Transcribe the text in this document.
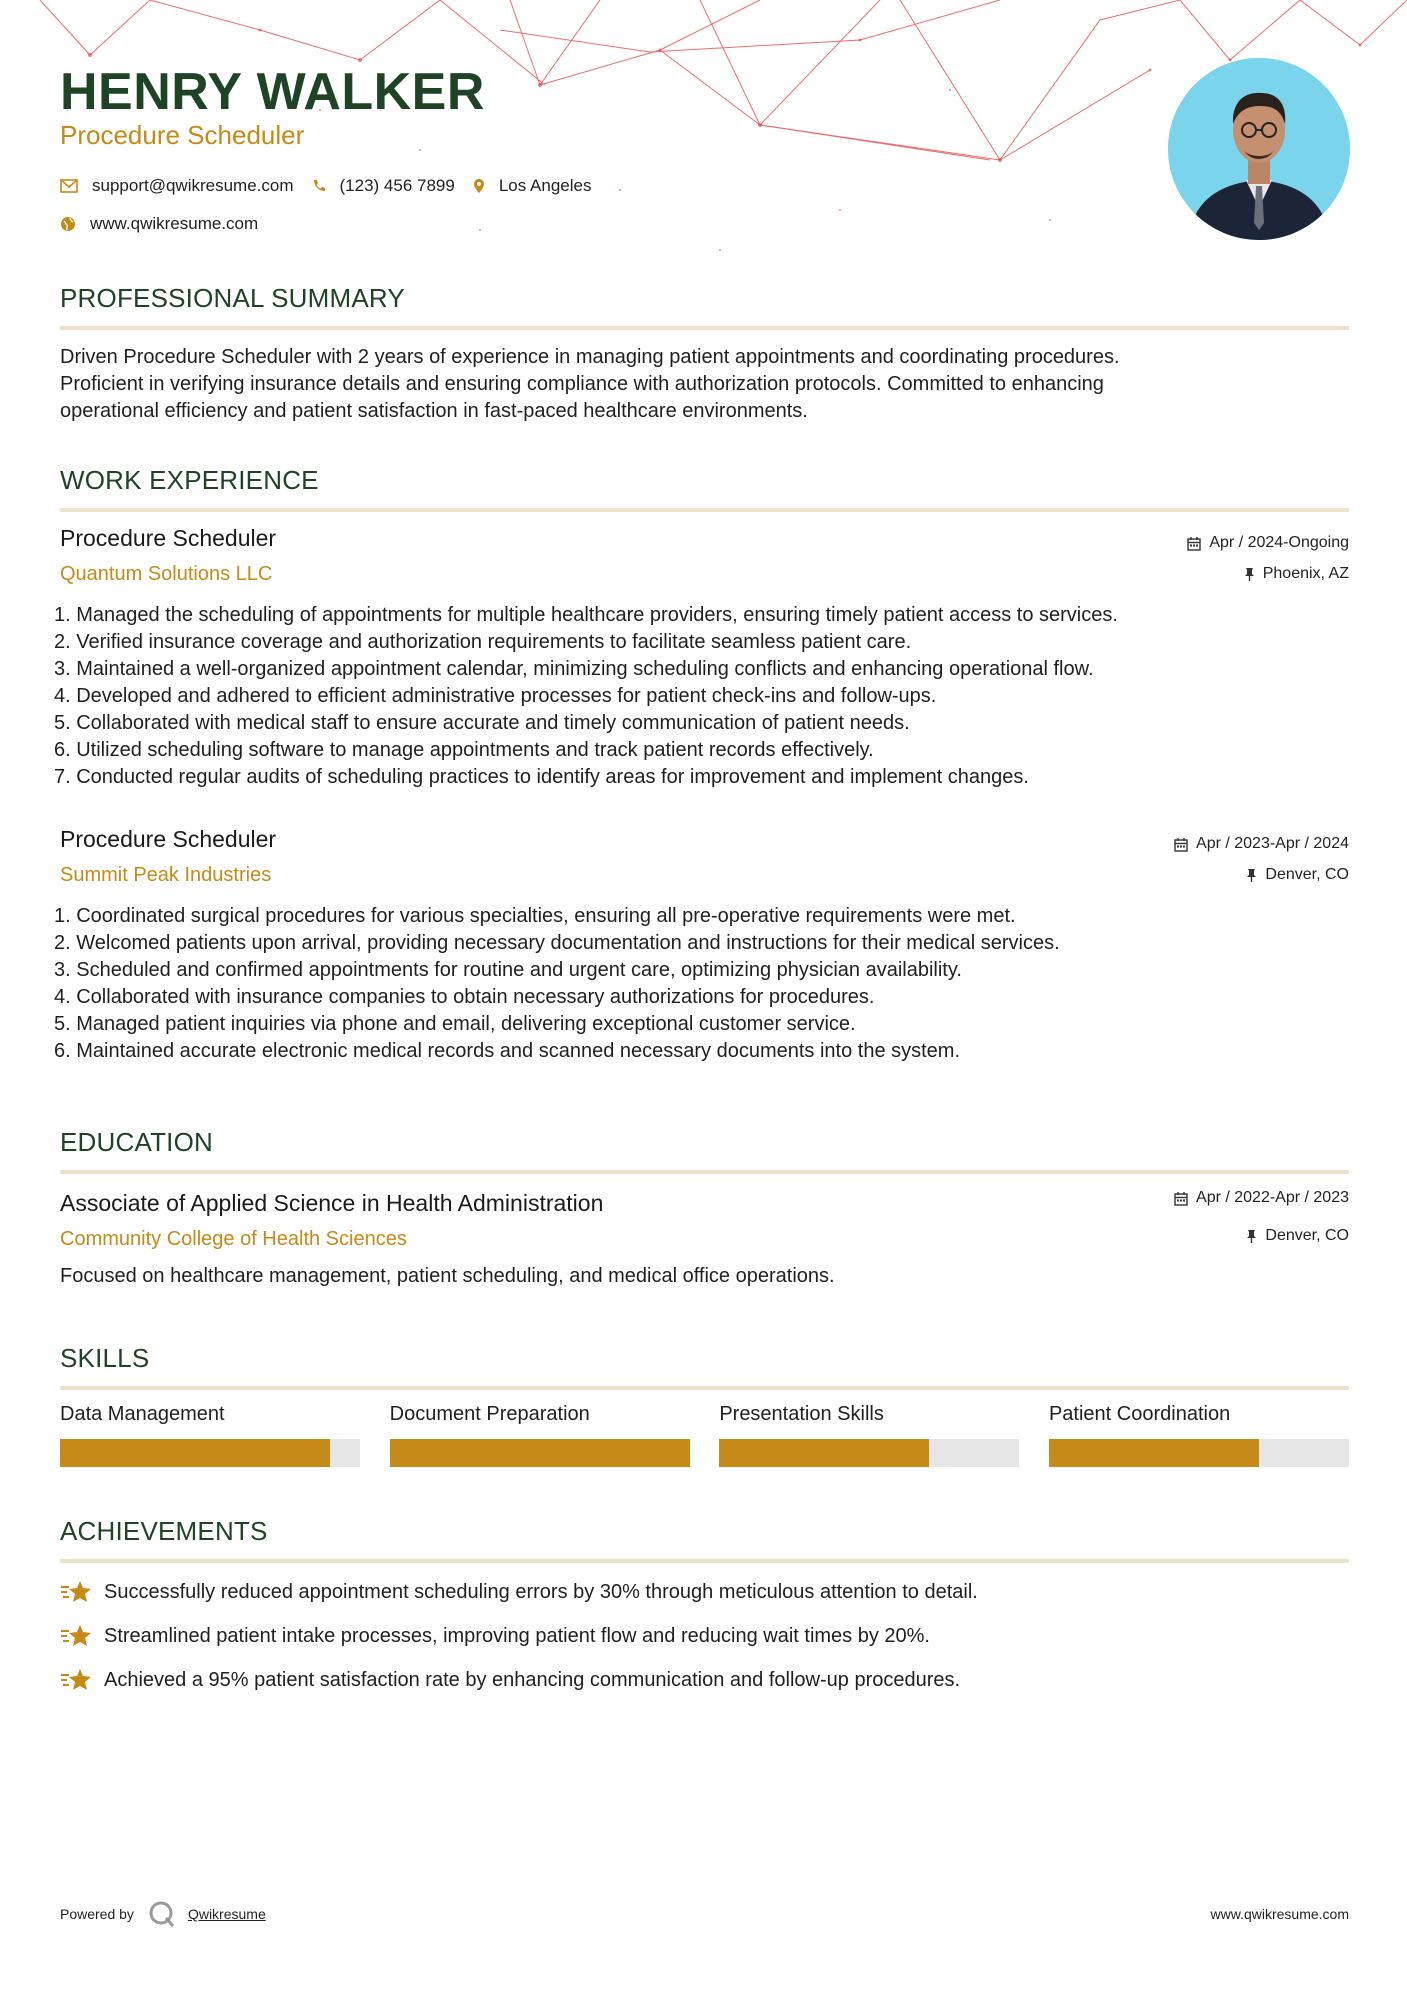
HENRY WALKER
Procedure Scheduler
support@qwikresume.com	(123) 456 7899	Los Angeles
www.qwikresume.com
PROFESSIONAL SUMMARY
Driven Procedure Scheduler with 2 years of experience in managing patient appointments and coordinating procedures.
Proficient in verifying insurance details and ensuring compliance with authorization protocols. Committed to enhancing
operational efficiency and patient satisfaction in fast-paced healthcare environments.
WORK EXPERIENCE
Procedure Scheduler
Quantum Solutions LLC
Apr / 2024-Ongoing
Phoenix, AZ
1. Managed the scheduling of appointments for multiple healthcare providers, ensuring timely patient access to services.
2. Verified insurance coverage and authorization requirements to facilitate seamless patient care.
3. Maintained a well-organized appointment calendar, minimizing scheduling conflicts and enhancing operational flow.
4. Developed and adhered to efficient administrative processes for patient check-ins and follow-ups.
5. Collaborated with medical staff to ensure accurate and timely communication of patient needs.
6. Utilized scheduling software to manage appointments and track patient records effectively.
7. Conducted regular audits of scheduling practices to identify areas for improvement and implement changes.
Procedure Scheduler
Summit Peak Industries
Apr / 2023-Apr / 2024
Denver, CO
1. Coordinated surgical procedures for various specialties, ensuring all pre-operative requirements were met.
2. Welcomed patients upon arrival, providing necessary documentation and instructions for their medical services.
3. Scheduled and confirmed appointments for routine and urgent care, optimizing physician availability.
4. Collaborated with insurance companies to obtain necessary authorizations for procedures.
5. Managed patient inquiries via phone and email, delivering exceptional customer service.
6. Maintained accurate electronic medical records and scanned necessary documents into the system.
EDUCATION
Associate of Applied Science in Health Administration
Community College of Health Sciences
Apr / 2022-Apr / 2023
Denver, CO
Focused on healthcare management, patient scheduling, and medical office operations.
SKILLS
Data Management	Document Preparation	Presentation Skills	Patient Coordination
ACHIEVEMENTS
Successfully reduced appointment scheduling errors by 30% through meticulous attention to detail.
Streamlined patient intake processes, improving patient flow and reducing wait times by 20%.
Achieved a 95% patient satisfaction rate by enhancing communication and follow-up procedures.
Powered by	Qwikresume	www.qwikresume.com
